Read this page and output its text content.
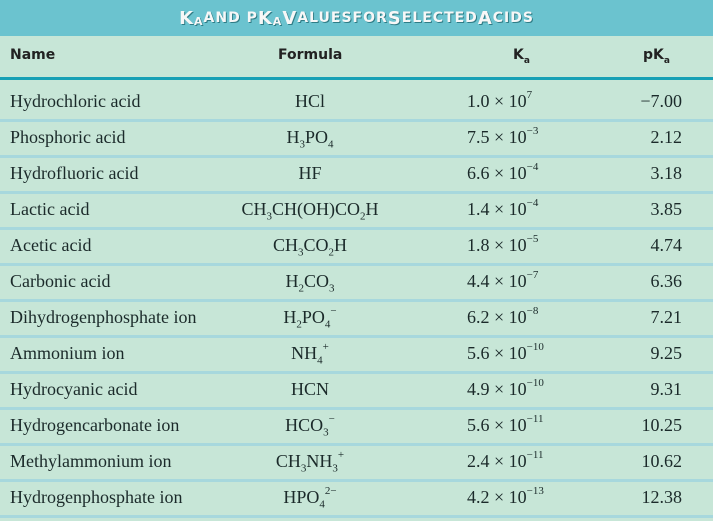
K A AND P K A V ALUES FOR S ELECTED A CIDS
Name	Formula	$K_a$	$pK_a$
Hydrochloric acid	HCl	$1.0 \times 10^7$	−7.00
Phosphoric acid	$H_3PO_4$	$7.5 \times 10^{-3}$	2.12
Hydrofluoric acid	HF	$6.6 \times 10^{-4}$	3.18
Lactic acid	$CH_3CH(OH)CO_2H$	$1.4 \times 10^{-4}$	3.85
Acetic acid	$CH_3CO_2H$	$1.8 \times 10^{-5}$	4.74
Carbonic acid	$H_2CO_3$	$4.4 \times 10^{-7}$	6.36
Dihydrogenphosphate ion	$H_2PO_4^-$	$6.2 \times 10^{-8}$	7.21
Ammonium ion	$NH_4^+$	$5.6 \times 10^{-10}$	9.25
Hydrocyanic acid	HCN	$4.9 \times 10^{-10}$	9.31
Hydrogencarbonate ion	$HCO_3^-$	$5.6 \times 10^{-11}$	10.25
Methylammonium ion	$CH_3NH_3^+$	$2.4 \times 10^{-11}$	10.62
Hydrogenphosphate ion	$HPO_4^{2-}$	$4.2 \times 10^{-13}$	12.38
